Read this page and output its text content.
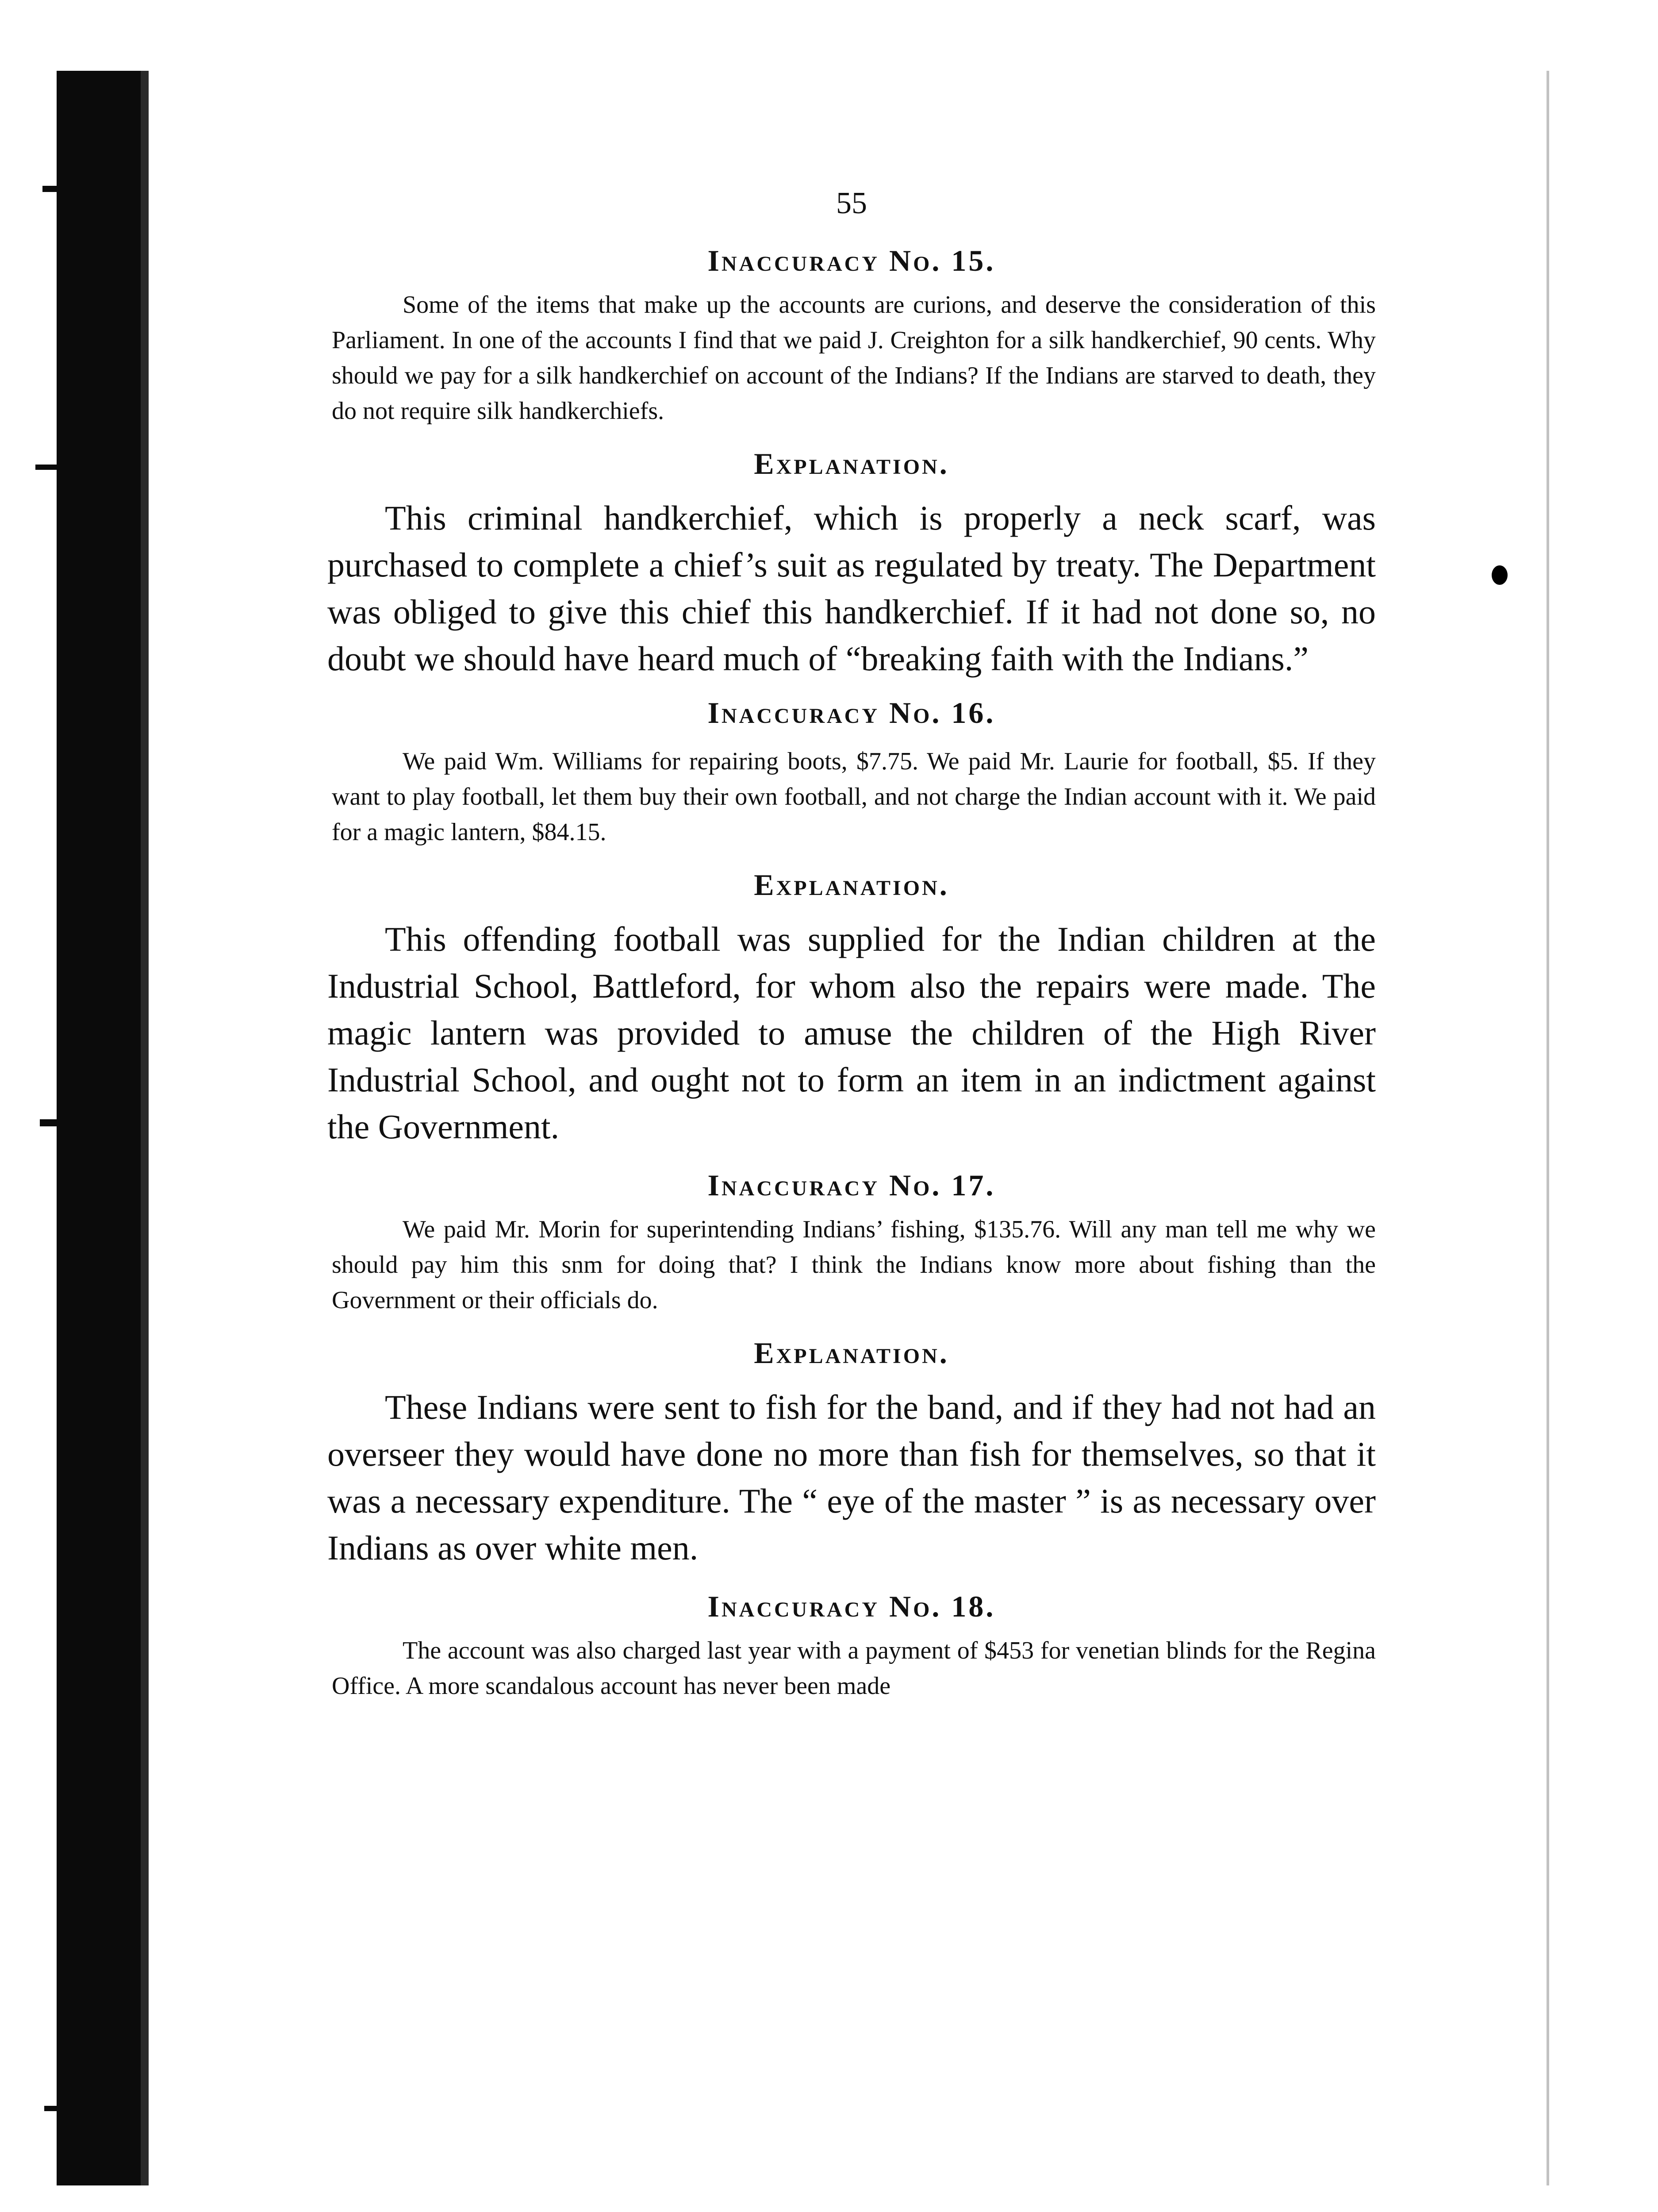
55
Inaccuracy No. 15.

Some of the items that make up the accounts are curions, and deserve the consideration of this Parliament. In one of the accounts I find that we paid J. Creighton for a silk handkerchief, 90 cents. Why should we pay for a silk handkerchief on account of the Indians? If the Indians are starved to death, they do not require silk handkerchiefs.

Explanation.

This criminal handkerchief, which is properly a neck scarf, was purchased to complete a chief’s suit as regulated by treaty. The Department was obliged to give this chief this handkerchief. If it had not done so, no doubt we should have heard much of “breaking faith with the Indians.”

Inaccuracy No. 16.

We paid Wm. Williams for repairing boots, $7.75. We paid Mr. Laurie for football, $5. If they want to play football, let them buy their own football, and not charge the Indian account with it. We paid for a magic lantern, $84.15.

Explanation.

This offending football was supplied for the Indian children at the Industrial School, Battleford, for whom also the repairs were made. The magic lantern was provided to amuse the children of the High River Industrial School, and ought not to form an item in an indictment against the Government.

Inaccuracy No. 17.

We paid Mr. Morin for superintending Indians’ fishing, $135.76. Will any man tell me why we should pay him this snm for doing that? I think the Indians know more about fishing than the Government or their officials do.

Explanation.

These Indians were sent to fish for the band, and if they had not had an overseer they would have done no more than fish for themselves, so that it was a necessary expenditure. The “ eye of the master ” is as necessary over Indians as over white men.

Inaccuracy No. 18.

The account was also charged last year with a payment of $453 for venetian blinds for the Regina Office. A more scandalous account has never been made
